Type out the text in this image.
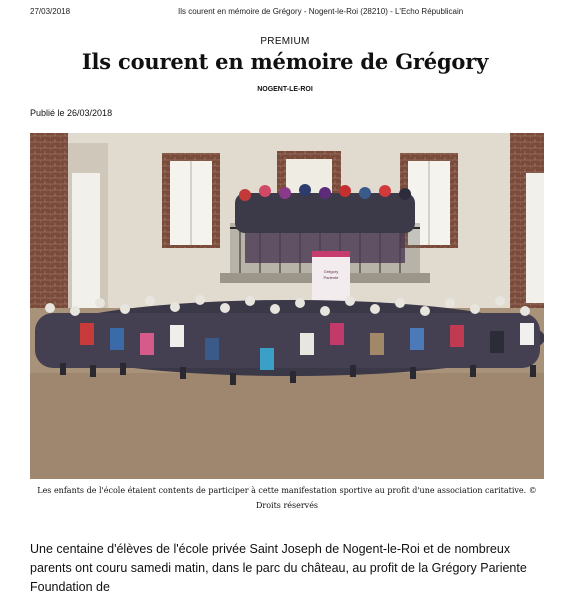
27/03/2018	Ils courent en mémoire de Grégory - Nogent-le-Roi (28210) - L'Echo Républicain
PREMIUM
Ils courent en mémoire de Grégory
NOGENT-LE-ROI
Publié le 26/03/2018
Grégory
Pariente
Les enfants de l'école étaient contents de participer à cette manifestation sportive au profit d'une association caritative. © Droits réservés
Une centaine d'élèves de l'école privée Saint Joseph de Nogent-le-Roi et de nombreux parents ont couru samedi matin, dans le parc du château, au profit de la Grégory Pariente Foundation de
